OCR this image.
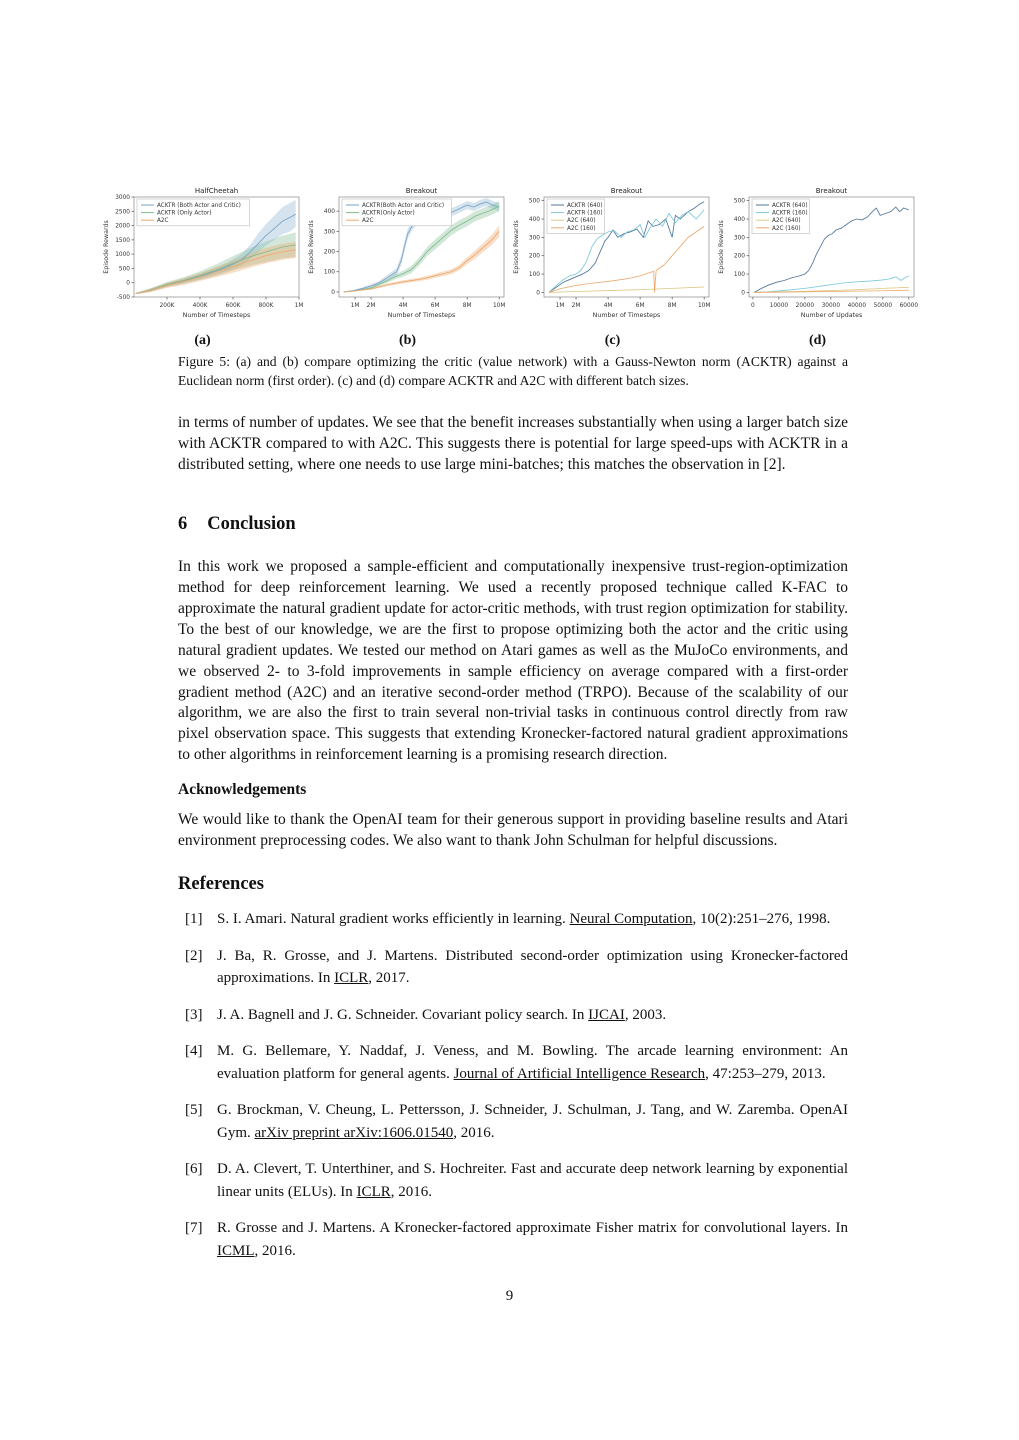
-500
0
500
1000
1500
2000
2500
3000
200K	400K	600K	800K	1M
HalfCheetah
Number of Timesteps
Episode Rewards
ACKTR (Both Actor and Critic)
ACKTR (Only Actor)
A2C
(a)
0
100
200
300
400
1M 2M	4M	6M	8M	10M
Breakout
Number of Timesteps
Episode Rewards
ACKTR(Both Actor and Critic)
ACKTR(Only Actor)
A2C
(b)
0
100
200
300
400
500
1M 2M	4M	6M	8M	10M
Breakout
Number of Timesteps
Episode Rewards
ACKTR (640)
ACKTR (160)
A2C (640)
A2C (160)
(c)
0
100
200
300
400
500
0	10000 20000 30000 40000 50000 60000
Breakout
Number of Updates
Episode Rewards
ACKTR (640)
ACKTR (160)
A2C (640)
A2C (160)
(d)
Figure 5: (a) and (b) compare optimizing the critic (value network) with a Gauss-Newton norm (ACKTR) against a Euclidean norm (first order). (c) and (d) compare ACKTR and A2C with different batch sizes.
in terms of number of updates. We see that the benefit increases substantially when using a larger batch size with ACKTR compared to with A2C. This suggests there is potential for large speed-ups with ACKTR in a distributed setting, where one needs to use large mini-batches; this matches the observation in [2].
6 Conclusion
In this work we proposed a sample-efficient and computationally inexpensive trust-region-optimization method for deep reinforcement learning. We used a recently proposed technique called K-FAC to approximate the natural gradient update for actor-critic methods, with trust region optimization for stability. To the best of our knowledge, we are the first to propose optimizing both the actor and the critic using natural gradient updates. We tested our method on Atari games as well as the MuJoCo environments, and we observed 2- to 3-fold improvements in sample efficiency on average compared with a first-order gradient method (A2C) and an iterative second-order method (TRPO). Because of the scalability of our algorithm, we are also the first to train several non-trivial tasks in continuous control directly from raw pixel observation space. This suggests that extending Kronecker-factored natural gradient approximations to other algorithms in reinforcement learning is a promising research direction.
Acknowledgements
We would like to thank the OpenAI team for their generous support in providing baseline results and Atari environment preprocessing codes. We also want to thank John Schulman for helpful discussions.
References
[1] S. I. Amari. Natural gradient works efficiently in learning. Neural Computation, 10(2):251–276, 1998.
[2] J. Ba, R. Grosse, and J. Martens. Distributed second-order optimization using Kronecker-factored approximations. In ICLR, 2017.
[3] J. A. Bagnell and J. G. Schneider. Covariant policy search. In IJCAI, 2003.
[4] M. G. Bellemare, Y. Naddaf, J. Veness, and M. Bowling. The arcade learning environment: An evaluation platform for general agents. Journal of Artificial Intelligence Research, 47:253–279, 2013.
[5] G. Brockman, V. Cheung, L. Pettersson, J. Schneider, J. Schulman, J. Tang, and W. Zaremba. OpenAI Gym. arXiv preprint arXiv:1606.01540, 2016.
[6] D. A. Clevert, T. Unterthiner, and S. Hochreiter. Fast and accurate deep network learning by exponential linear units (ELUs). In ICLR, 2016.
[7] R. Grosse and J. Martens. A Kronecker-factored approximate Fisher matrix for convolutional layers. In ICML, 2016.
9
